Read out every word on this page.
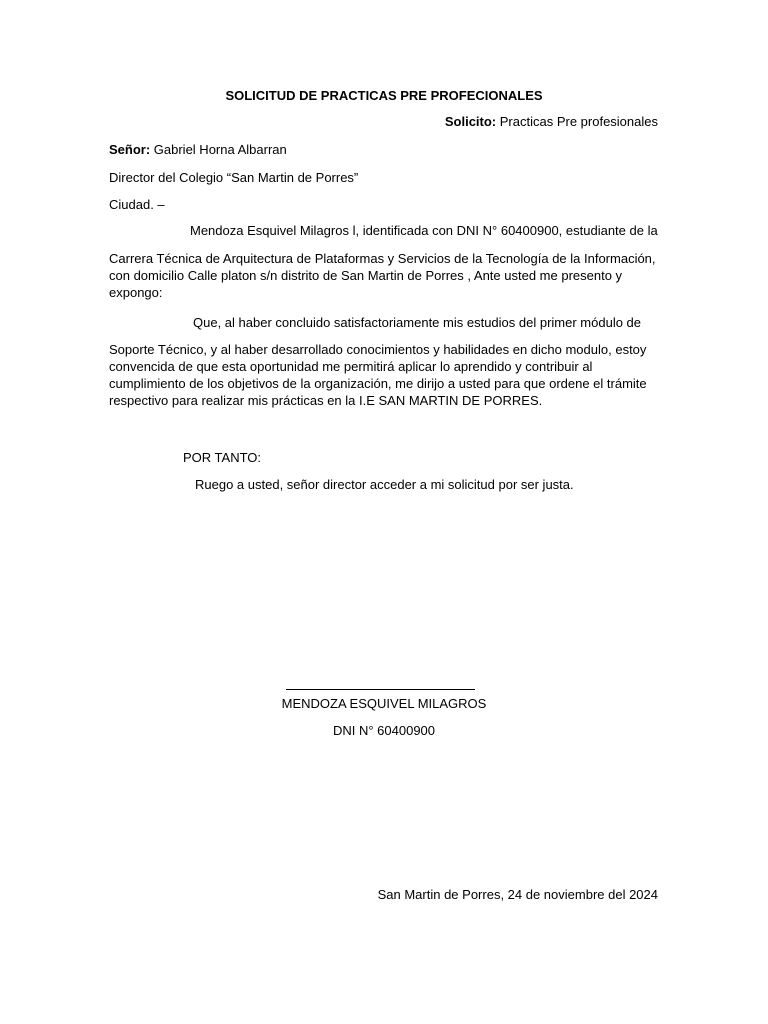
SOLICITUD DE PRACTICAS PRE PROFECIONALES
Solicito: Practicas Pre profesionales
Señor: Gabriel Horna Albarran
Director del Colegio “San Martin de Porres”
Ciudad. –
Mendoza Esquivel Milagros l, identificada con DNI N° 60400900, estudiante de la
Carrera Técnica de Arquitectura de Plataformas y Servicios de la Tecnología de la Información, con domicilio Calle platon s/n distrito de San Martin de Porres , Ante usted me presento y expongo:
Que, al haber concluido satisfactoriamente mis estudios del primer módulo de
Soporte Técnico, y al haber desarrollado conocimientos y habilidades en dicho modulo, estoy convencida de que esta oportunidad me permitirá aplicar lo aprendido y contribuir al cumplimiento de los objetivos de la organización, me dirijo a usted para que ordene el trámite respectivo para realizar mis prácticas en la I.E SAN MARTIN DE PORRES.
POR TANTO:
Ruego a usted, señor director acceder a mi solicitud por ser justa.
MENDOZA ESQUIVEL MILAGROS
DNI N° 60400900
San Martin de Porres, 24 de noviembre del 2024
